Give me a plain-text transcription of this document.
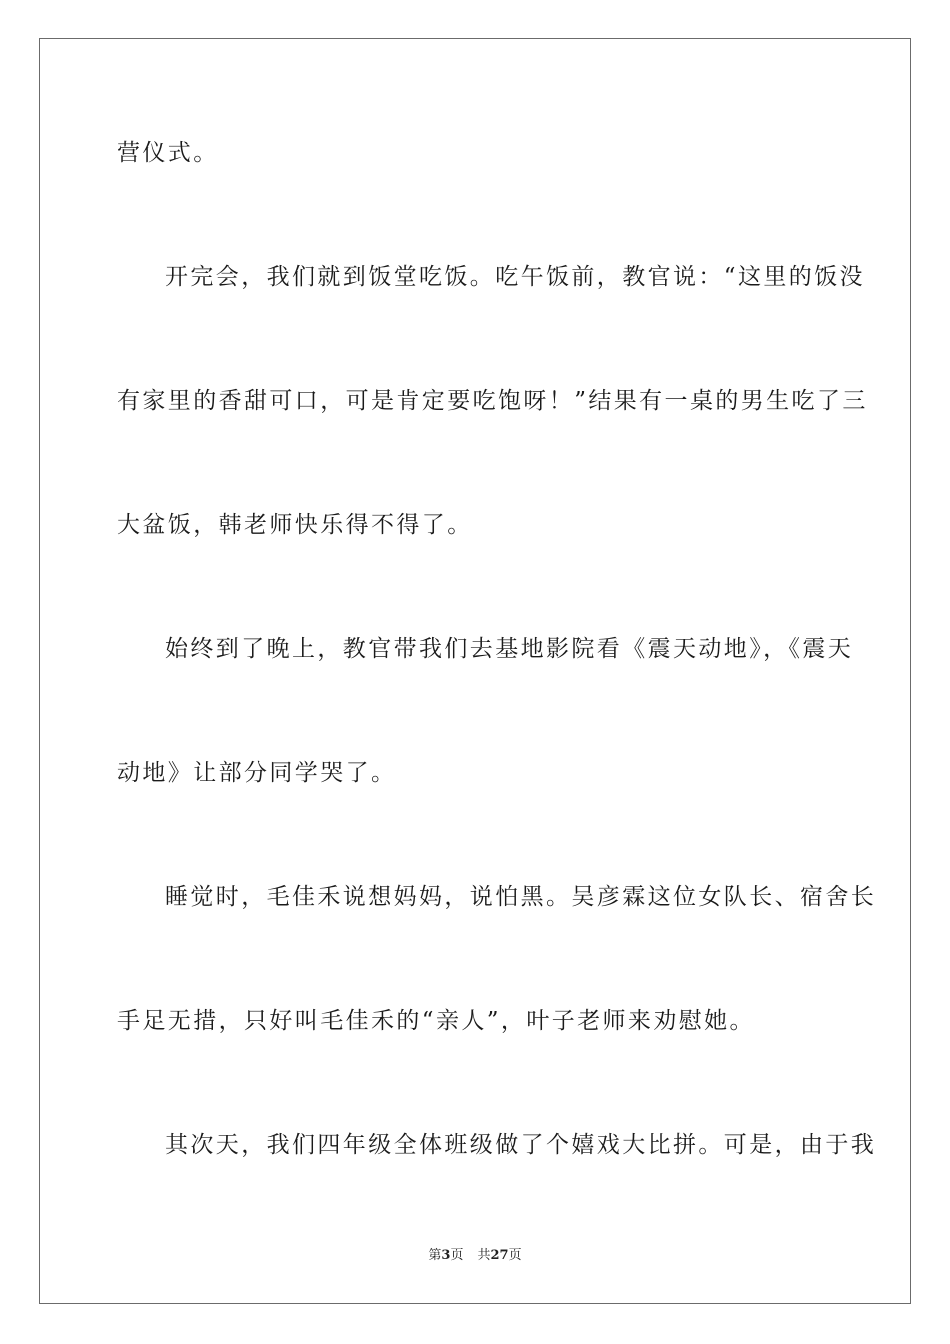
营仪式。
开完会，我们就到饭堂吃饭。吃午饭前，教官说：“这里的饭没
有家里的香甜可口，可是肯定要吃饱呀！”结果有一桌的男生吃了三
大盆饭，韩老师快乐得不得了。
始终到了晚上，教官带我们去基地影院看《震天动地》，《震天
动地》让部分同学哭了。
睡觉时，毛佳禾说想妈妈，说怕黑。吴彦霖这位女队长、宿舍长
手足无措，只好叫毛佳禾的“亲人”，叶子老师来劝慰她。
其次天，我们四年级全体班级做了个嬉戏大比拼。可是，由于我
第3页 共27页
